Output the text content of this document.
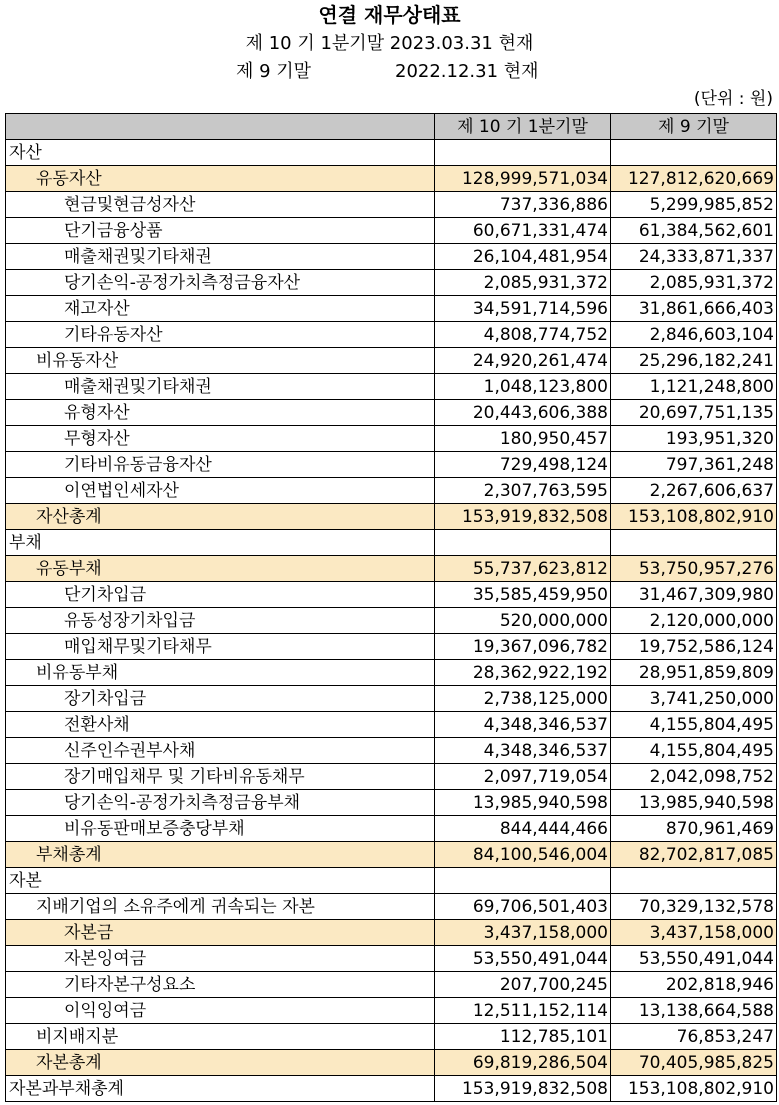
연결 재무상태표
제 10 기 1분기말 2023.03.31 현재
제 9 기말	2022.12.31 현재
(단위 : 원)
	제 10 기 1분기말	제 9 기말
자산		
유동자산	128,999,571,034	127,812,620,669
현금및현금성자산	737,336,886	5,299,985,852
단기금융상품	60,671,331,474	61,384,562,601
매출채권및기타채권	26,104,481,954	24,333,871,337
당기손익-공정가치측정금융자산	2,085,931,372	2,085,931,372
재고자산	34,591,714,596	31,861,666,403
기타유동자산	4,808,774,752	2,846,603,104
비유동자산	24,920,261,474	25,296,182,241
매출채권및기타채권	1,048,123,800	1,121,248,800
유형자산	20,443,606,388	20,697,751,135
무형자산	180,950,457	193,951,320
기타비유동금융자산	729,498,124	797,361,248
이연법인세자산	2,307,763,595	2,267,606,637
자산총계	153,919,832,508	153,108,802,910
부채		
유동부채	55,737,623,812	53,750,957,276
단기차입금	35,585,459,950	31,467,309,980
유동성장기차입금	520,000,000	2,120,000,000
매입채무및기타채무	19,367,096,782	19,752,586,124
비유동부채	28,362,922,192	28,951,859,809
장기차입금	2,738,125,000	3,741,250,000
전환사채	4,348,346,537	4,155,804,495
신주인수권부사채	4,348,346,537	4,155,804,495
장기매입채무 및 기타비유동채무	2,097,719,054	2,042,098,752
당기손익-공정가치측정금융부채	13,985,940,598	13,985,940,598
비유동판매보증충당부채	844,444,466	870,961,469
부채총계	84,100,546,004	82,702,817,085
자본		
지배기업의 소유주에게 귀속되는 자본	69,706,501,403	70,329,132,578
자본금	3,437,158,000	3,437,158,000
자본잉여금	53,550,491,044	53,550,491,044
기타자본구성요소	207,700,245	202,818,946
이익잉여금	12,511,152,114	13,138,664,588
비지배지분	112,785,101	76,853,247
자본총계	69,819,286,504	70,405,985,825
자본과부채총계	153,919,832,508	153,108,802,910
